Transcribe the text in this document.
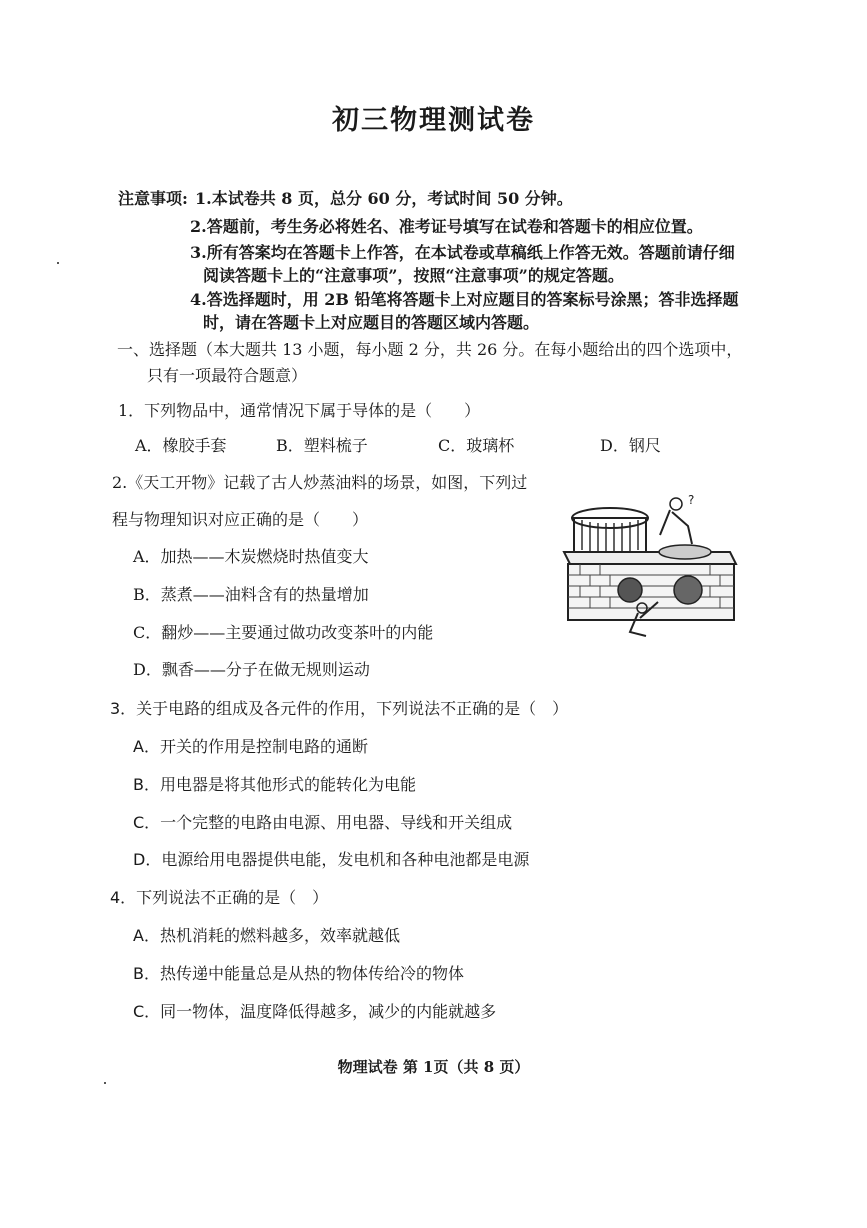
初三物理测试卷
注意事项: 1.本试卷共 8 页，总分 60 分，考试时间 50 分钟。
2.答题前，考生务必将姓名、准考证号填写在试卷和答题卡的相应位置。
3.所有答案均在答题卡上作答，在本试卷或草稿纸上作答无效。答题前请仔细
阅读答题卡上的“注意事项”，按照“注意事项”的规定答题。
4.答选择题时，用 2B 铅笔将答题卡上对应题目的答案标号涂黑；答非选择题
时，请在答题卡上对应题目的答题区域内答题。
一、选择题（本大题共 13 小题，每小题 2 分，共 26 分。在每小题给出的四个选项中，
只有一项最符合题意）
1．下列物品中，通常情况下属于导体的是（　　）
A．橡胶手套	B．塑料梳子	C．玻璃杯	D．钢尺
2.《天工开物》记载了古人炒蒸油料的场景，如图，下列过
程与物理知识对应正确的是（　　）
A．加热——木炭燃烧时热值变大
B．蒸煮——油料含有的热量增加
C．翻炒——主要通过做功改变茶叶的内能
D．飘香——分子在做无规则运动
?
3．关于电路的组成及各元件的作用，下列说法不正确的是（　）
A．开关的作用是控制电路的通断
B．用电器是将其他形式的能转化为电能
C．一个完整的电路由电源、用电器、导线和开关组成
D．电源给用电器提供电能，发电机和各种电池都是电源
4．下列说法不正确的是（　）
A．热机消耗的燃料越多，效率就越低
B．热传递中能量总是从热的物体传给冷的物体
C．同一物体，温度降低得越多，减少的内能就越多
物理试卷 第 1页（共 8 页）
